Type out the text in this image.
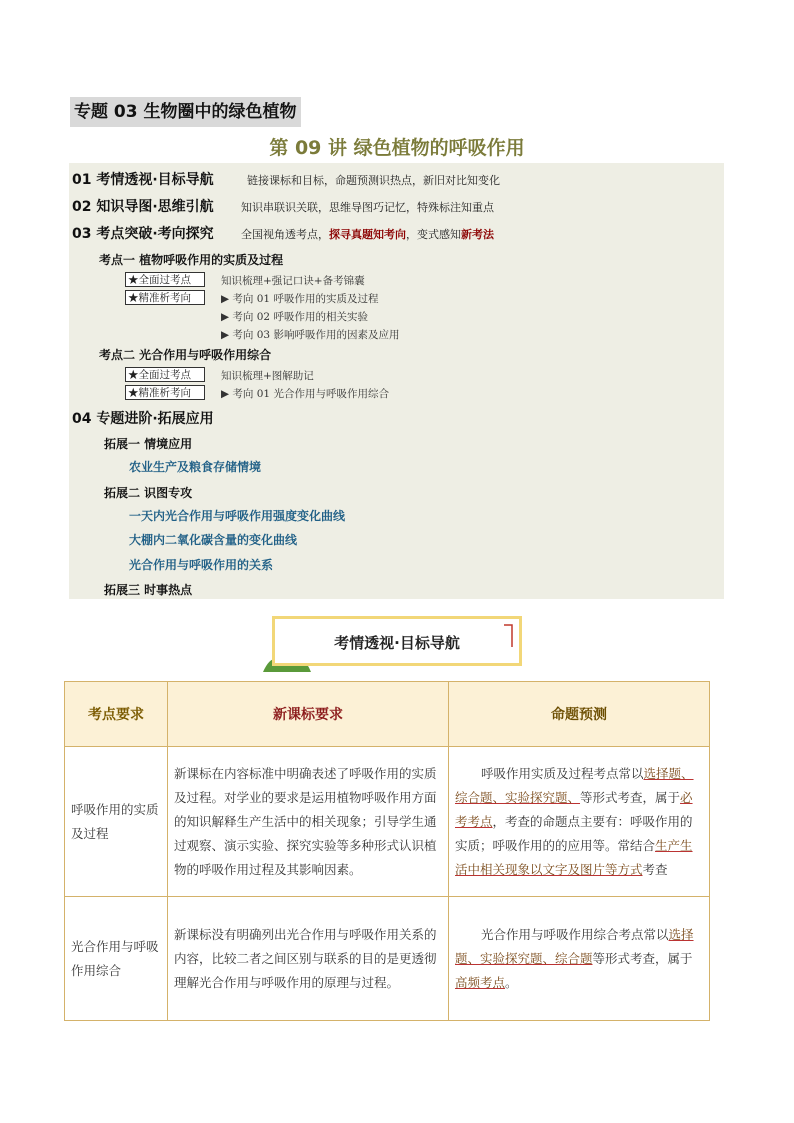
专题 03 生物圈中的绿色植物
第 09 讲 绿色植物的呼吸作用
01 考情透视·目标导航	链接课标和目标，命题预测识热点，新旧对比知变化
02 知识导图·思维引航 知识串联识关联，思维导图巧记忆，特殊标注知重点
03 考点突破·考向探究 全国视角透考点，探寻真题知考向，变式感知新考法
考点一 植物呼吸作用的实质及过程
★全面过考点	知识梳理+强记口诀+备考锦囊
★精准析考向	▶ 考向 01 呼吸作用的实质及过程
▶ 考向 02 呼吸作用的相关实验
▶ 考向 03 影响呼吸作用的因素及应用
考点二 光合作用与呼吸作用综合
★全面过考点	知识梳理+图解助记
★精准析考向	▶ 考向 01 光合作用与呼吸作用综合
04 专题进阶·拓展应用
拓展一 情境应用
农业生产及粮食存储情境
拓展二 识图专攻
一天内光合作用与呼吸作用强度变化曲线
大棚内二氧化碳含量的变化曲线
光合作用与呼吸作用的关系
拓展三 时事热点
考情透视·目标导航
考点要求	新课标要求	命题预测
呼吸作用的实质及过程	新课标在内容标准中明确表述了呼吸作用的实质及过程。对学业的要求是运用植物呼吸作用方面的知识解释生产生活中的相关现象；引导学生通过观察、演示实验、探究实验等多种形式认识植物的呼吸作用过程及其影响因素。	呼吸作用实质及过程考点常以选择题、综合题、实验探究题、等形式考查，属于必考考点，考查的命题点主要有：呼吸作用的实质；呼吸作用的的应用等。常结合生产生活中相关现象以文字及图片等方式考查
光合作用与呼吸作用综合	新课标没有明确列出光合作用与呼吸作用关系的内容，比较二者之间区别与联系的目的是更透彻理解光合作用与呼吸作用的原理与过程。	光合作用与呼吸作用综合考点常以选择题、实验探究题、综合题等形式考查，属于高频考点。
